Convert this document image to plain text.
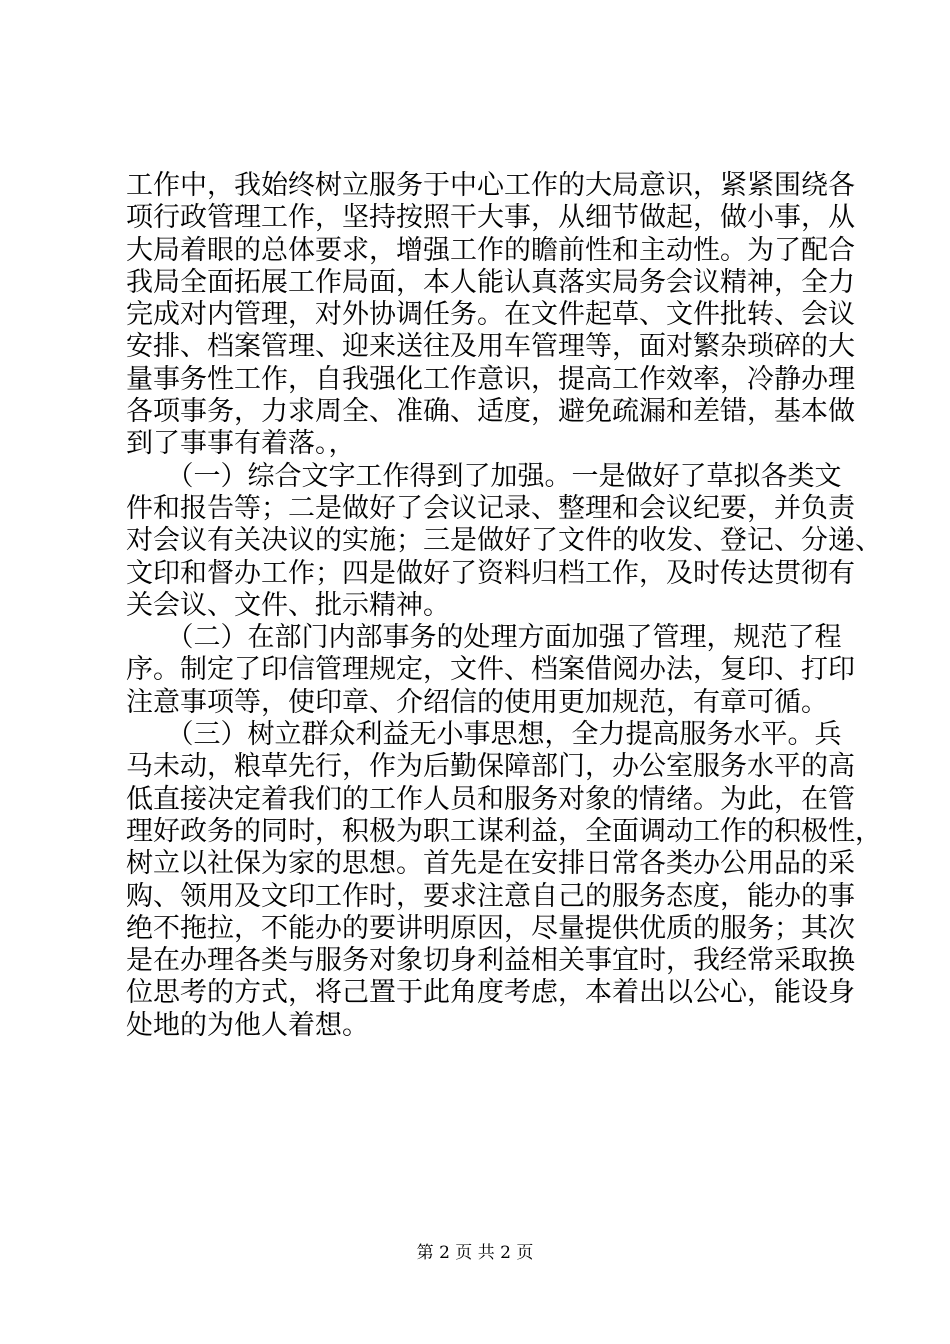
工作中，我始终树立服务于中心工作的大局意识，紧紧围绕各
项行政管理工作，坚持按照干大事，从细节做起，做小事，从
大局着眼的总体要求，增强工作的瞻前性和主动性。为了配合
我局全面拓展工作局面，本人能认真落实局务会议精神，全力
完成对内管理，对外协调任务。在文件起草、文件批转、会议
安排、档案管理、迎来送往及用车管理等，面对繁杂琐碎的大
量事务性工作，自我强化工作意识，提高工作效率，冷静办理
各项事务，力求周全、准确、适度，避免疏漏和差错，基本做
到了事事有着落。，
　　（一）综合文字工作得到了加强。一是做好了草拟各类文
件和报告等；二是做好了会议记录、整理和会议纪要，并负责
对会议有关决议的实施；三是做好了文件的收发、登记、分递、
文印和督办工作；四是做好了资料归档工作，及时传达贯彻有
关会议、文件、批示精神。
　　（二）在部门内部事务的处理方面加强了管理，规范了程
序。制定了印信管理规定，文件、档案借阅办法，复印、打印
注意事项等，使印章、介绍信的使用更加规范，有章可循。
　　（三）树立群众利益无小事思想，全力提高服务水平。兵
马未动，粮草先行，作为后勤保障部门，办公室服务水平的高
低直接决定着我们的工作人员和服务对象的情绪。为此，在管
理好政务的同时，积极为职工谋利益，全面调动工作的积极性，
树立以社保为家的思想。首先是在安排日常各类办公用品的采
购、领用及文印工作时，要求注意自己的服务态度，能办的事
绝不拖拉，不能办的要讲明原因，尽量提供优质的服务；其次
是在办理各类与服务对象切身利益相关事宜时，我经常采取换
位思考的方式，将己置于此角度考虑，本着出以公心，能设身
处地的为他人着想。
第 2 页 共 2 页
